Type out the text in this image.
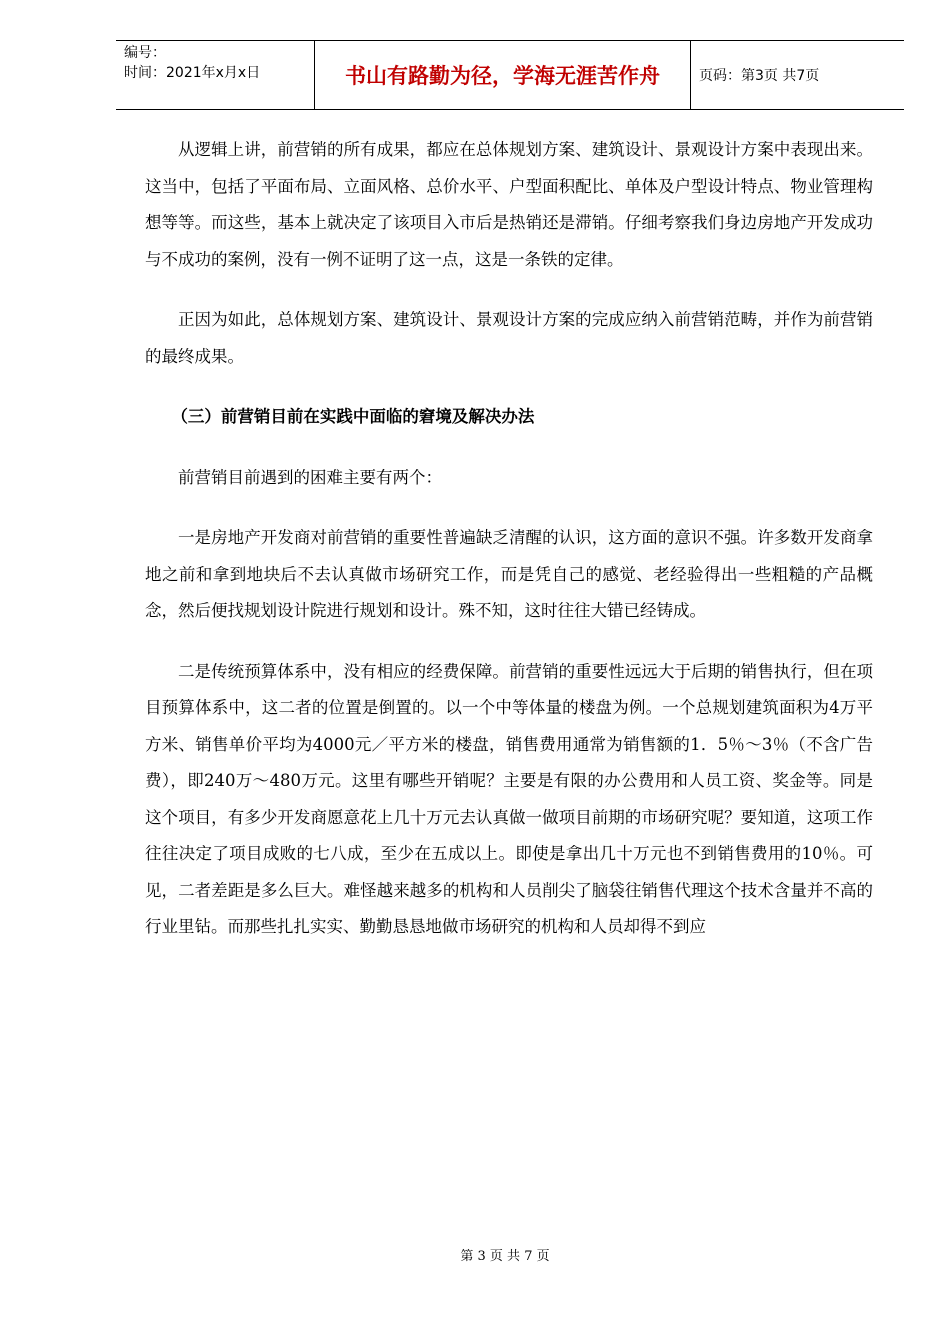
编号：
时间：2021年x月x日	书山有路勤为径，学海无涯苦作舟	页码：第3页 共7页

从逻辑上讲，前营销的所有成果，都应在总体规划方案、建筑设计、景观设计方案中表现出来。这当中，包括了平面布局、立面风格、总价水平、户型面积配比、单体及户型设计特点、物业管理构想等等。而这些，基本上就决定了该项目入市后是热销还是滞销。仔细考察我们身边房地产开发成功与不成功的案例，没有一例不证明了这一点，这是一条铁的定律。

正因为如此，总体规划方案、建筑设计、景观设计方案的完成应纳入前营销范畴，并作为前营销的最终成果。

（三）前营销目前在实践中面临的窘境及解决办法

前营销目前遇到的困难主要有两个：

一是房地产开发商对前营销的重要性普遍缺乏清醒的认识，这方面的意识不强。许多数开发商拿地之前和拿到地块后不去认真做市场研究工作，而是凭自己的感觉、老经验得出一些粗糙的产品概念，然后便找规划设计院进行规划和设计。殊不知，这时往往大错已经铸成。

二是传统预算体系中，没有相应的经费保障。前营销的重要性远远大于后期的销售执行，但在项目预算体系中，这二者的位置是倒置的。以一个中等体量的楼盘为例。一个总规划建筑面积为4万平方米、销售单价平均为4000元／平方米的楼盘，销售费用通常为销售额的1．5％～3％（不含广告费），即240万～480万元。这里有哪些开销呢？主要是有限的办公费用和人员工资、奖金等。同是这个项目，有多少开发商愿意花上几十万元去认真做一做项目前期的市场研究呢？要知道，这项工作往往决定了项目成败的七八成，至少在五成以上。即使是拿出几十万元也不到销售费用的10％。可见，二者差距是多么巨大。难怪越来越多的机构和人员削尖了脑袋往销售代理这个技术含量并不高的行业里钻。而那些扎扎实实、勤勤恳恳地做市场研究的机构和人员却得不到应

第 3 页 共 7 页
